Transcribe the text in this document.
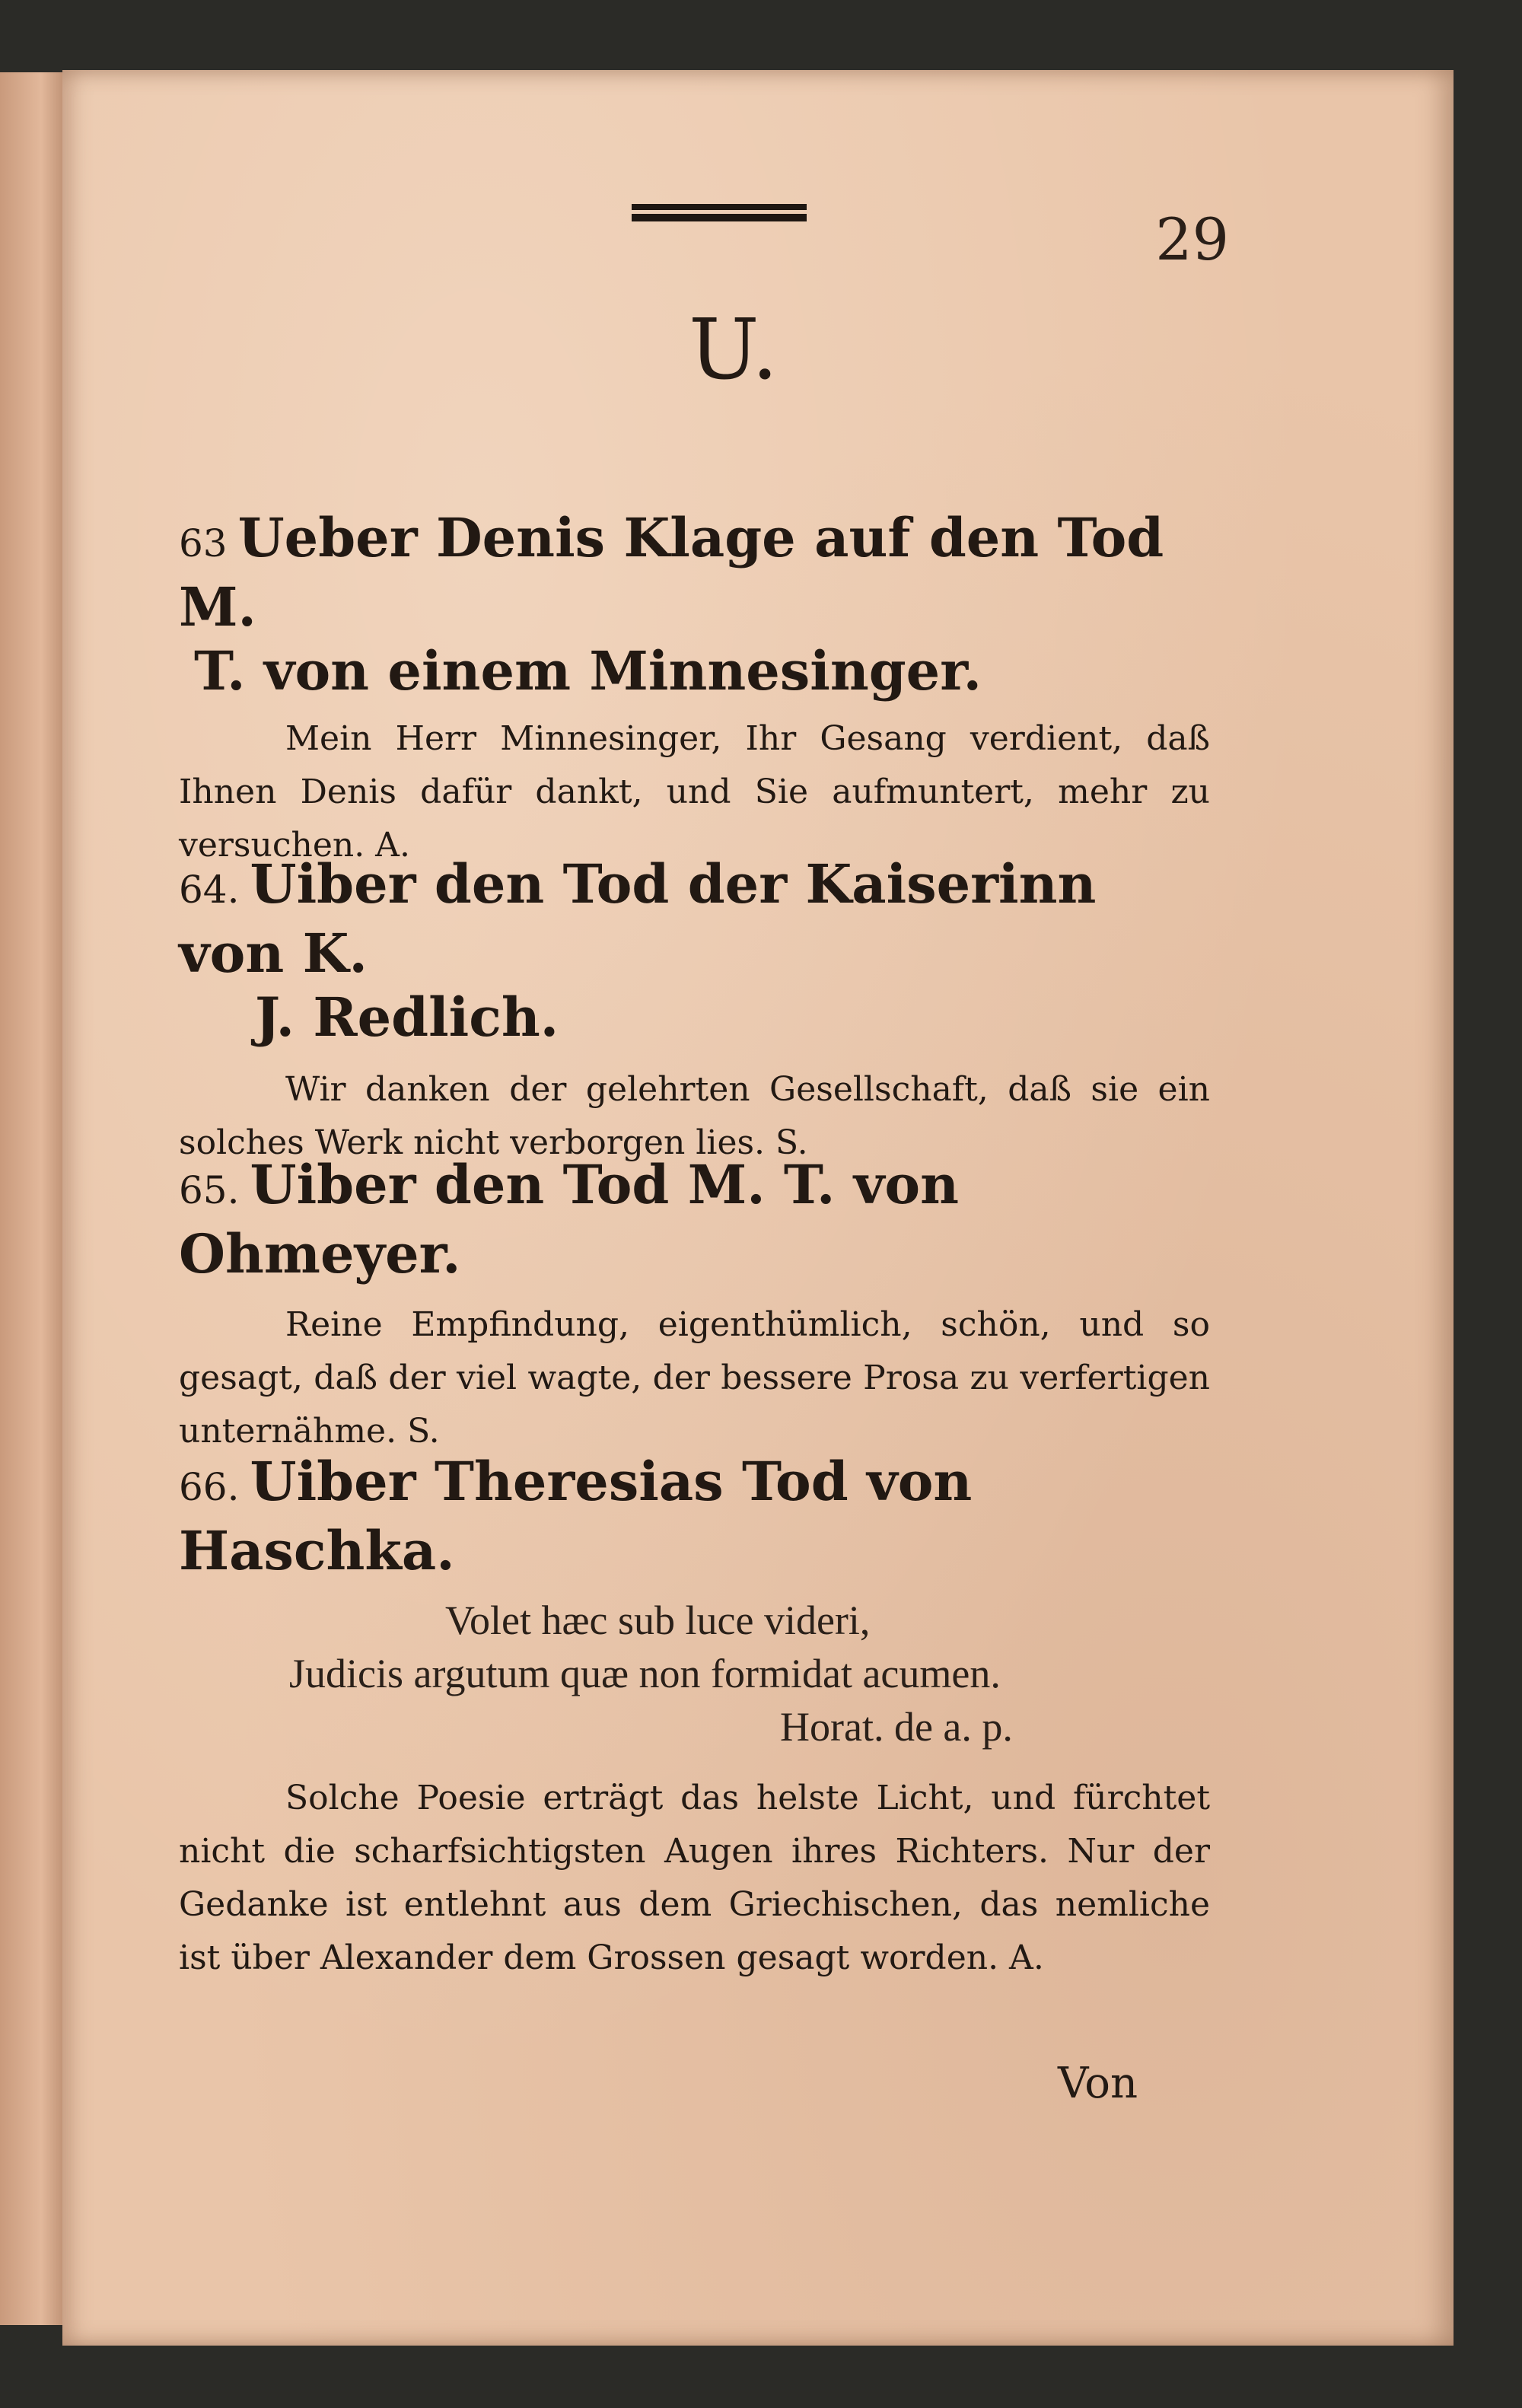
29
U.
63 Ueber Denis Klage auf den Tod M.
T. von einem Minnesinger.
Mein Herr Minnesinger, Ihr Gesang verdient, daß Ihnen Denis dafür dankt, und Sie aufmuntert, mehr zu versuchen. A.
64. Uiber den Tod der Kaiserinn von K.
J. Redlich.
Wir danken der gelehrten Gesellschaft, daß sie ein solches Werk nicht verborgen lies. S.
65. Uiber den Tod M. T. von Ohmeyer.
Reine Empfindung, eigenthümlich, schön, und so gesagt, daß der viel wagte, der bessere Prosa zu verfertigen unternähme. S.
66. Uiber Theresias Tod von Haschka.
Volet hæc sub luce videri,
Judicis argutum quæ non formidat acumen.
Horat. de a. p.
Solche Poesie erträgt das helste Licht, und fürchtet nicht die scharfsichtigsten Augen ihres Richters. Nur der Gedanke ist entlehnt aus dem Griechischen, das nemliche ist über Alexander dem Grossen gesagt worden. A.
Von
